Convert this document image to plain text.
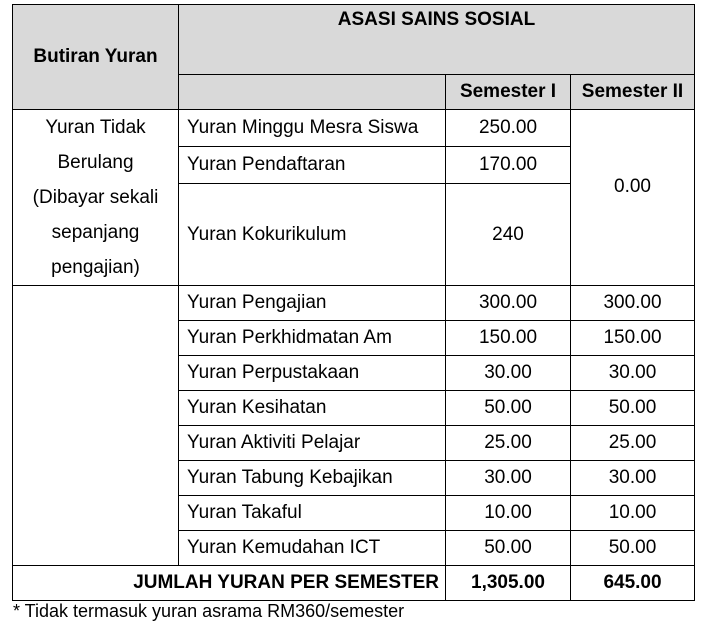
Butiran Yuran	ASASI SAINS SOSIAL		
		Semester I	Semester II

Yuran Tidak
Berulang
(Dibayar sekali
sepanjang
pengajian)	Yuran Minggu Mesra Siswa	250.00	0.00
	Yuran Pendaftaran	170.00	
	Yuran Kokurikulum	240	
	Yuran Pengajian	300.00	300.00
	Yuran Perkhidmatan Am	150.00	150.00
	Yuran Perpustakaan	30.00	30.00
	Yuran Kesihatan	50.00	50.00
	Yuran Aktiviti Pelajar	25.00	25.00
	Yuran Tabung Kebajikan	30.00	30.00
	Yuran Takaful	10.00	10.00
	Yuran Kemudahan ICT	50.00	50.00
JUMLAH YURAN PER SEMESTER		1,305.00	645.00
* Tidak termasuk yuran asrama RM360/semester
